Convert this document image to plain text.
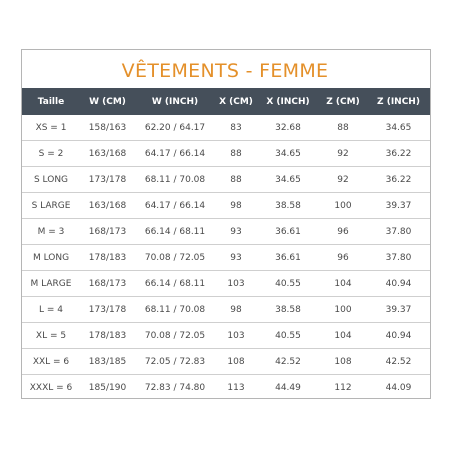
VÊTEMENTS - FEMME
Taille	W (CM)	W (INCH)	X (CM)	X (INCH)	Z (CM)	Z (INCH)
XS = 1	158/163	62.20 / 64.17	83	32.68	88	34.65
S = 2	163/168	64.17 / 66.14	88	34.65	92	36.22
S LONG	173/178	68.11 / 70.08	88	34.65	92	36.22
S LARGE	163/168	64.17 / 66.14	98	38.58	100	39.37
M = 3	168/173	66.14 / 68.11	93	36.61	96	37.80
M LONG	178/183	70.08 / 72.05	93	36.61	96	37.80
M LARGE	168/173	66.14 / 68.11	103	40.55	104	40.94
L = 4	173/178	68.11 / 70.08	98	38.58	100	39.37
XL = 5	178/183	70.08 / 72.05	103	40.55	104	40.94
XXL = 6	183/185	72.05 / 72.83	108	42.52	108	42.52
XXXL = 6	185/190	72.83 / 74.80	113	44.49	112	44.09
